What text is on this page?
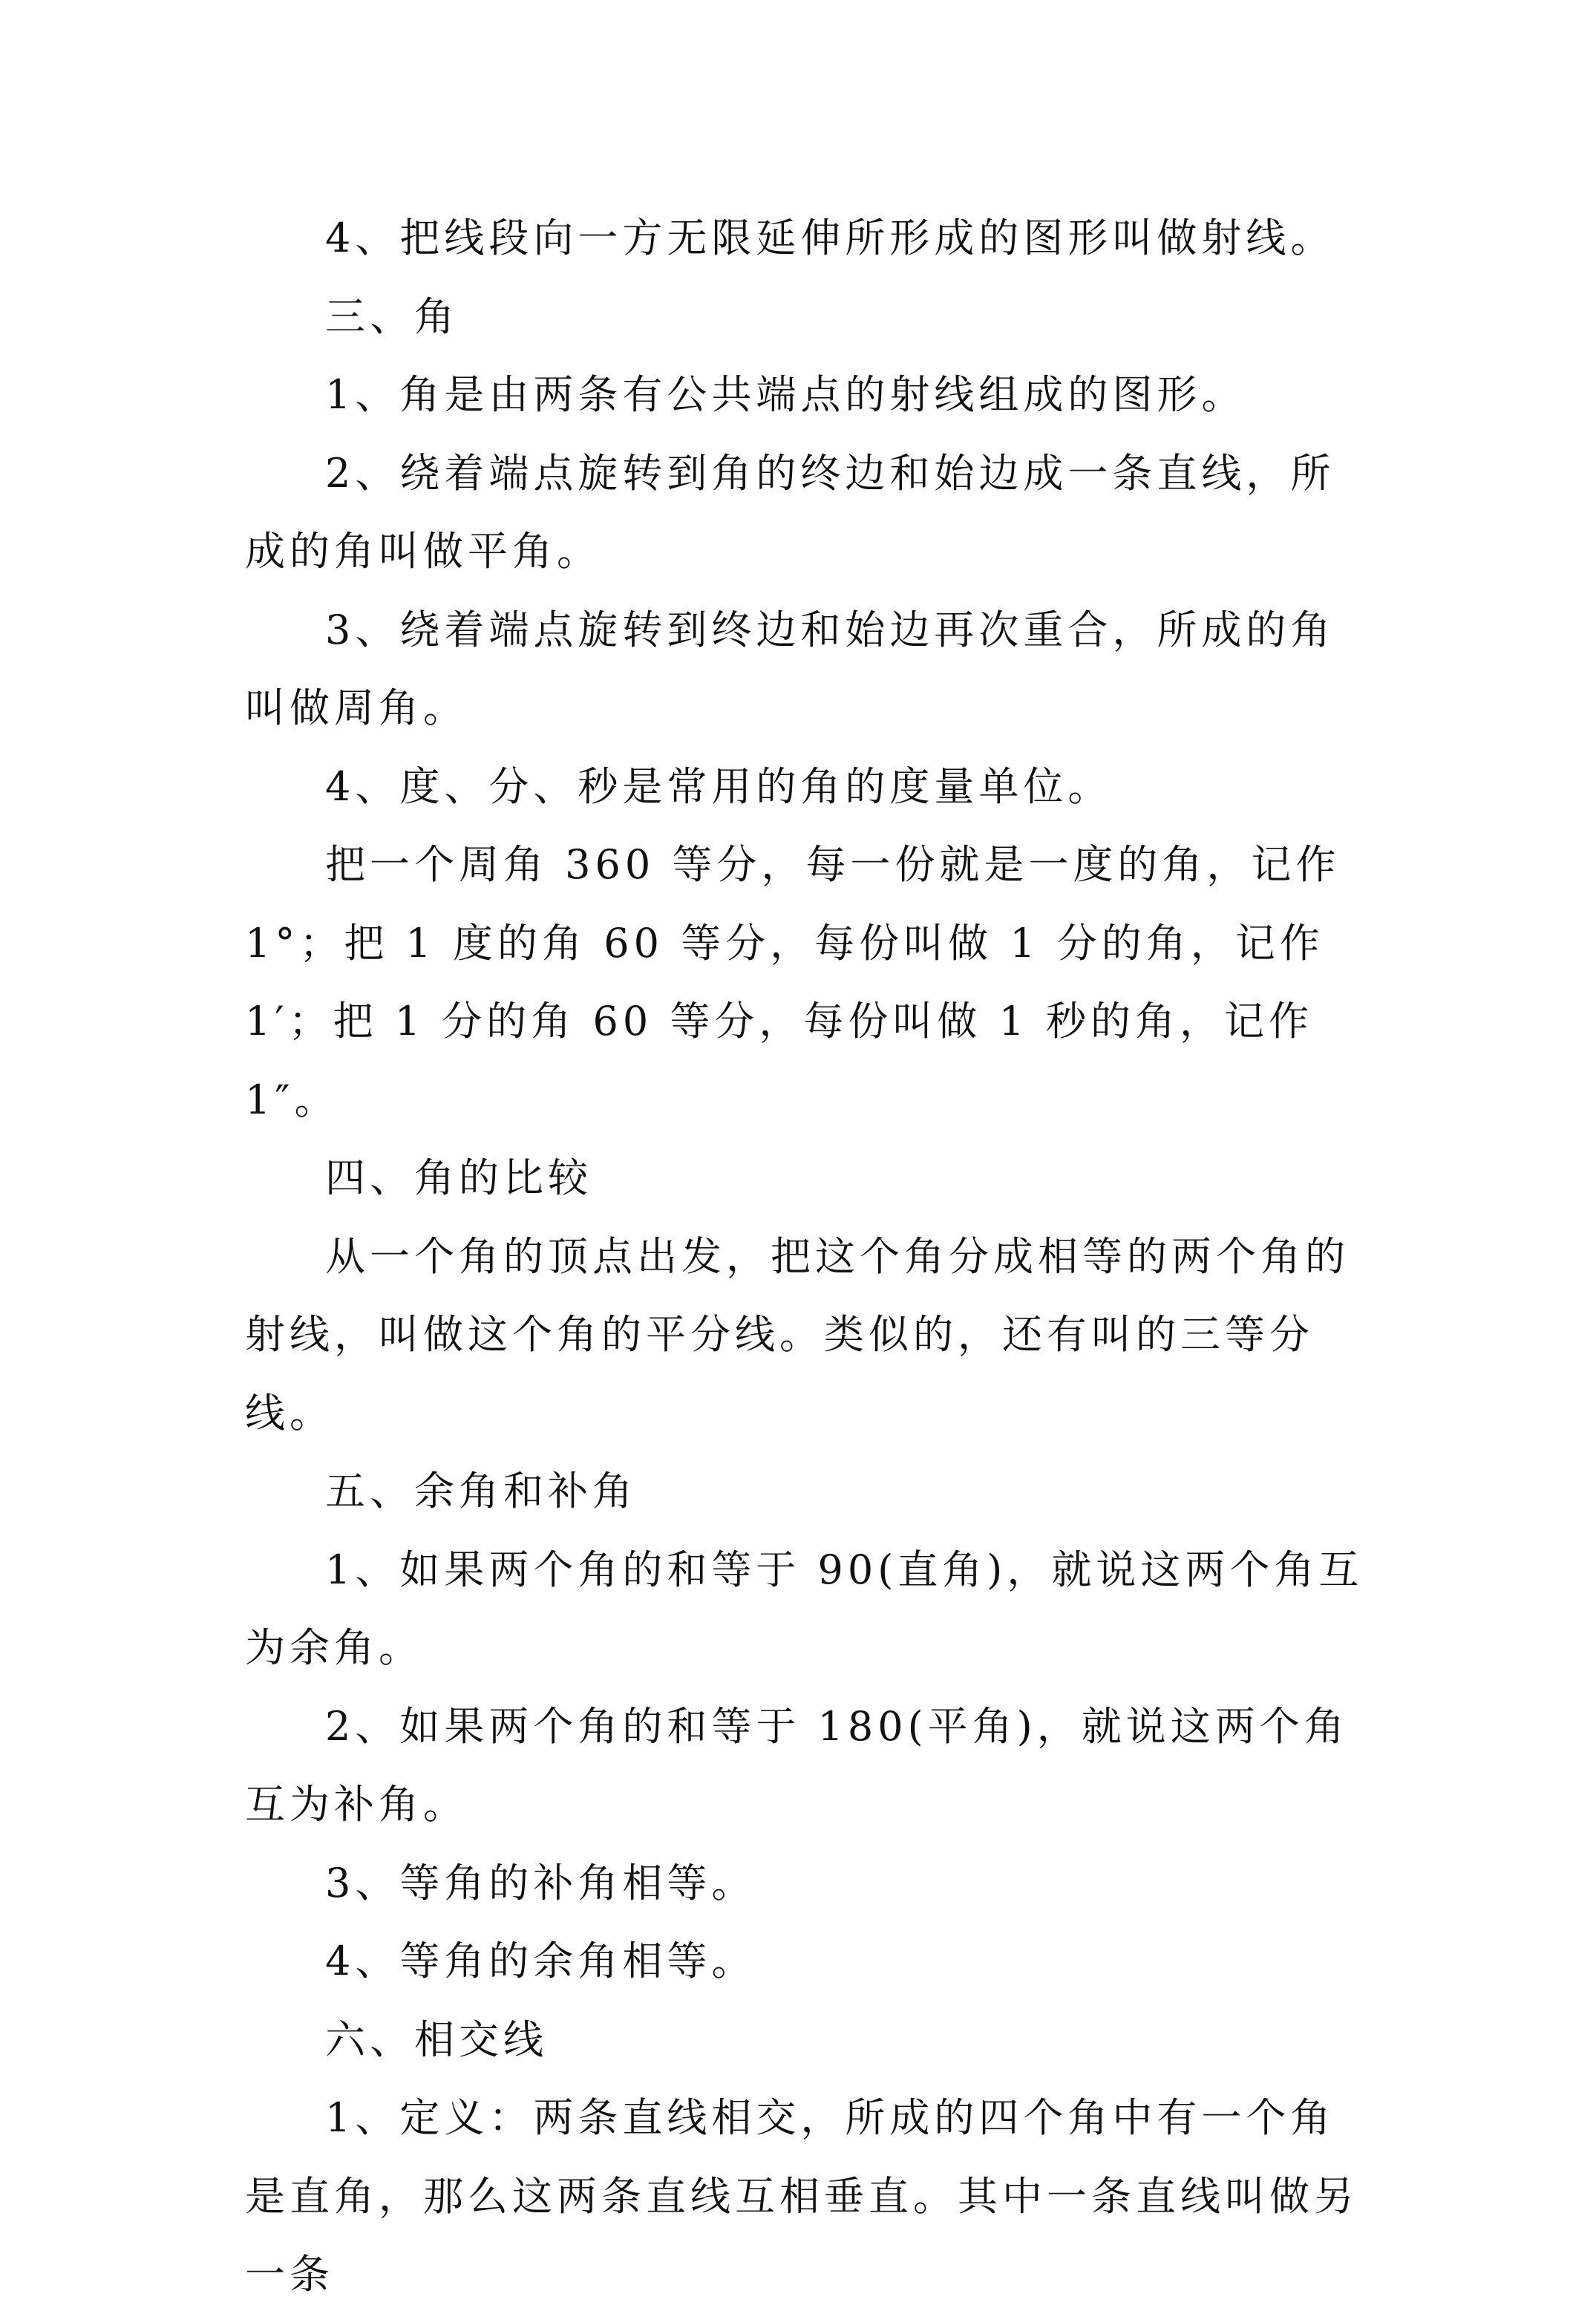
4、把线段向一方无限延伸所形成的图形叫做射线。

三、角

1、角是由两条有公共端点的射线组成的图形。

2、绕着端点旋转到角的终边和始边成一条直线，所成的角叫做平角。

3、绕着端点旋转到终边和始边再次重合，所成的角叫做周角。

4、度、分、秒是常用的角的度量单位。

把一个周角 360 等分，每一份就是一度的角，记作 1°；把 1 度的角 60 等分，每份叫做 1 分的角，记作 1′；把 1 分的角 60 等分，每份叫做 1 秒的角，记作 1″。

四、角的比较

从一个角的顶点出发，把这个角分成相等的两个角的射线，叫做这个角的平分线。类似的，还有叫的三等分线。

五、余角和补角

1、如果两个角的和等于 90(直角)，就说这两个角互为余角。

2、如果两个角的和等于 180(平角)，就说这两个角互为补角。

3、等角的补角相等。

4、等角的余角相等。

六、相交线

1、定义：两条直线相交，所成的四个角中有一个角是直角，那么这两条直线互相垂直。其中一条直线叫做另一条
